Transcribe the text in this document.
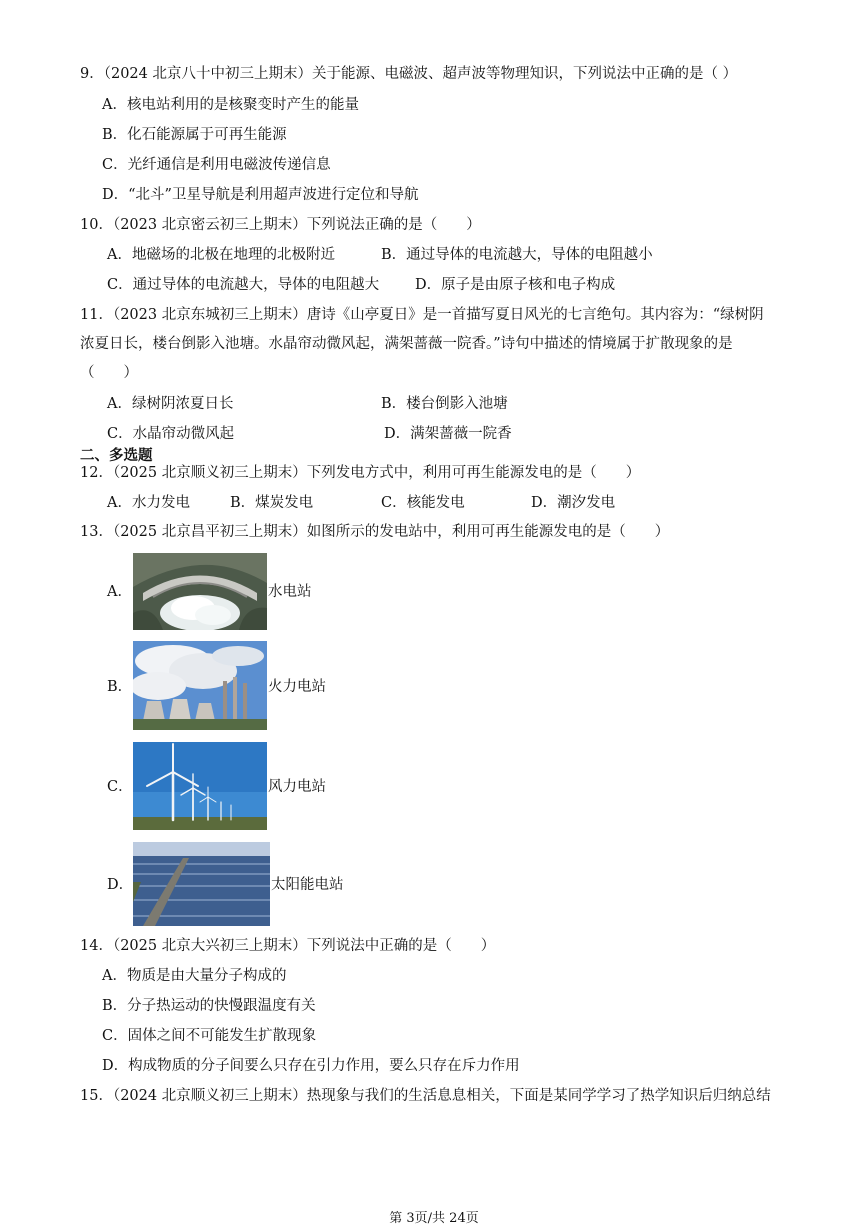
9．（2024 北京八十中初三上期末）关于能源、电磁波、超声波等物理知识，下列说法中正确的是（ ）
A．核电站利用的是核聚变时产生的能量
B．化石能源属于可再生能源
C．光纤通信是利用电磁波传递信息
D．“北斗”卫星导航是利用超声波进行定位和导航
10．（2023 北京密云初三上期末）下列说法正确的是（　　）
A．地磁场的北极在地理的北极附近	B．通过导体的电流越大，导体的电阻越小
C．通过导体的电流越大，导体的电阻越大 D．原子是由原子核和电子构成
11．（2023 北京东城初三上期末）唐诗《山亭夏日》是一首描写夏日风光的七言绝句。其内容为：“绿树阴
浓夏日长，楼台倒影入池塘。水晶帘动微风起，满架蔷薇一院香。”诗句中描述的情境属于扩散现象的是
（　　）
A．绿树阴浓夏日长	B．楼台倒影入池塘
C．水晶帘动微风起	D．满架蔷薇一院香
二、多选题
12．（2025 北京顺义初三上期末）下列发电方式中，利用可再生能源发电的是（　　）
A．水力发电	B．煤炭发电	C．核能发电	D．潮汐发电
13．（2025 北京昌平初三上期末）如图所示的发电站中，利用可再生能源发电的是（　　）
A．	水电站
B．	火力电站
C．	风力电站
D．	太阳能电站
14．（2025 北京大兴初三上期末）下列说法中正确的是（　　）
A．物质是由大量分子构成的
B．分子热运动的快慢跟温度有关
C．固体之间不可能发生扩散现象
D．构成物质的分子间要么只存在引力作用，要么只存在斥力作用
15．（2024 北京顺义初三上期末）热现象与我们的生活息息相关，下面是某同学学习了热学知识后归纳总结
第 3页/共 24页
